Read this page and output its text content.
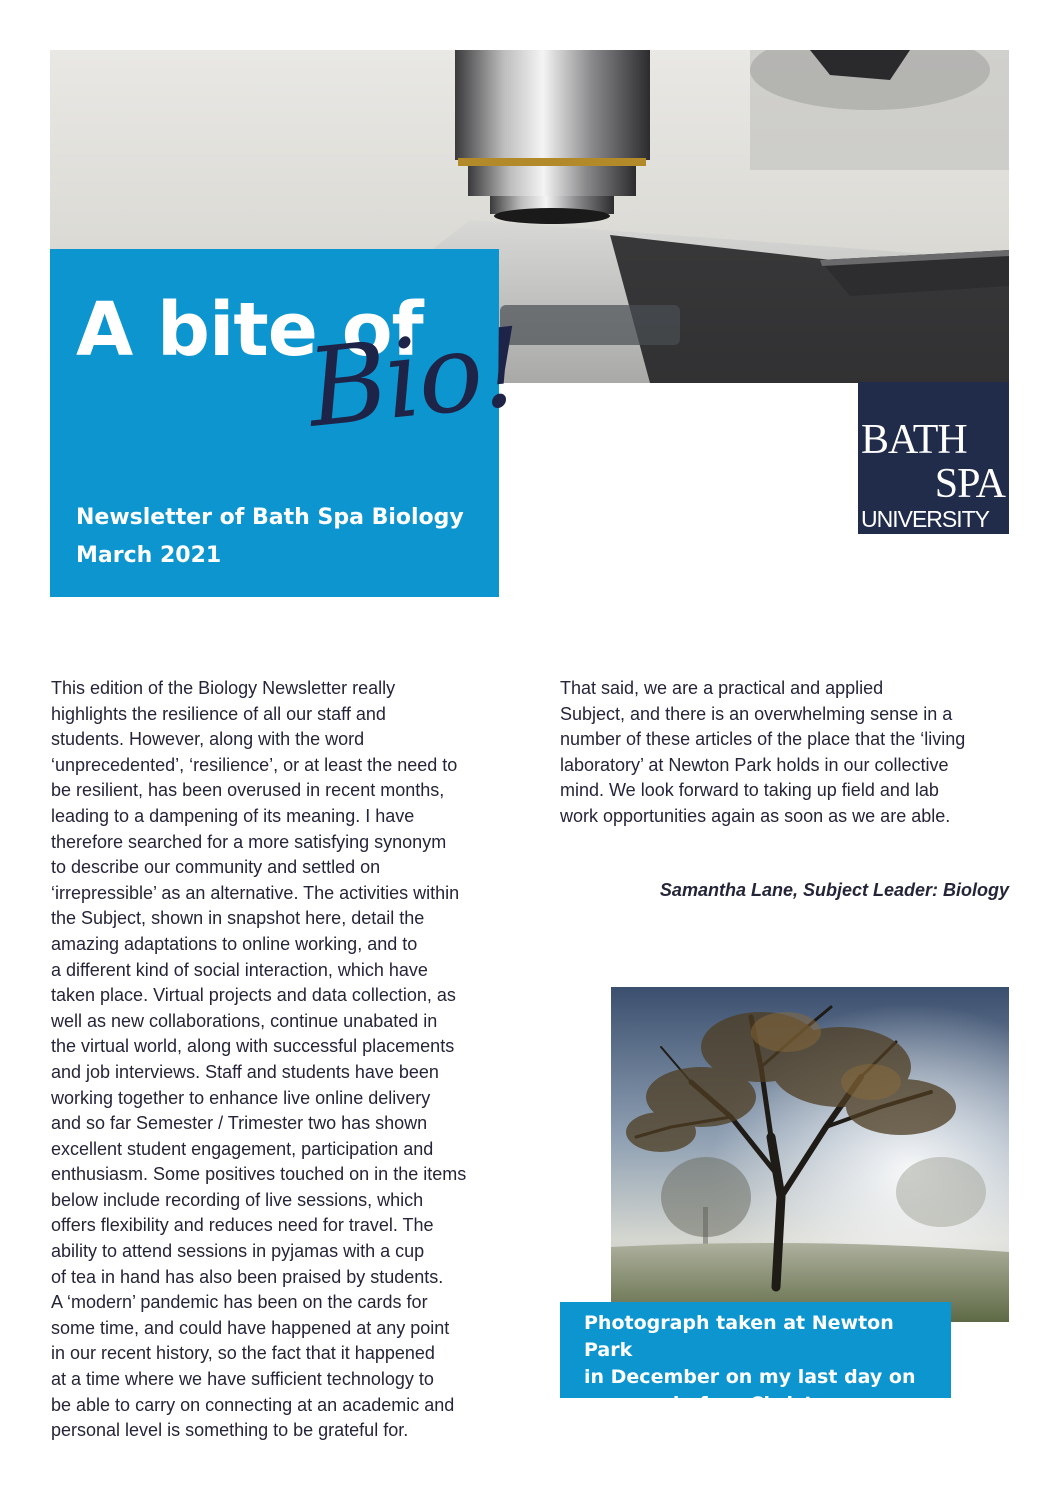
A bite of

Bio!

Newsletter of Bath Spa Biology
March 2021

BATH

SPA

UNIVERSITY

This edition of the Biology Newsletter really
highlights the resilience of all our staff and
students. However, along with the word
‘unprecedented’, ‘resilience’, or at least the need to
be resilient, has been overused in recent months,
leading to a dampening of its meaning. I have
therefore searched for a more satisfying synonym
to describe our community and settled on
‘irrepressible’ as an alternative. The activities within
the Subject, shown in snapshot here, detail the
amazing adaptations to online working, and to
a different kind of social interaction, which have
taken place. Virtual projects and data collection, as
well as new collaborations, continue unabated in
the virtual world, along with successful placements
and job interviews. Staff and students have been
working together to enhance live online delivery
and so far Semester / Trimester two has shown
excellent student engagement, participation and
enthusiasm. Some positives touched on in the items
below include recording of live sessions, which
offers flexibility and reduces need for travel. The
ability to attend sessions in pyjamas with a cup
of tea in hand has also been praised by students.
A ‘modern’ pandemic has been on the cards for
some time, and could have happened at any point
in our recent history, so the fact that it happened
at a time where we have sufficient technology to
be able to carry on connecting at an academic and
personal level is something to be grateful for.

That said, we are a practical and applied
Subject, and there is an overwhelming sense in a
number of these articles of the place that the ‘living
laboratory’ at Newton Park holds in our collective
mind. We look forward to taking up field and lab
work opportunities again as soon as we are able.

Samantha Lane, Subject Leader: Biology

Photograph taken at Newton Park
in December on my last day on
campus before Christmas.
